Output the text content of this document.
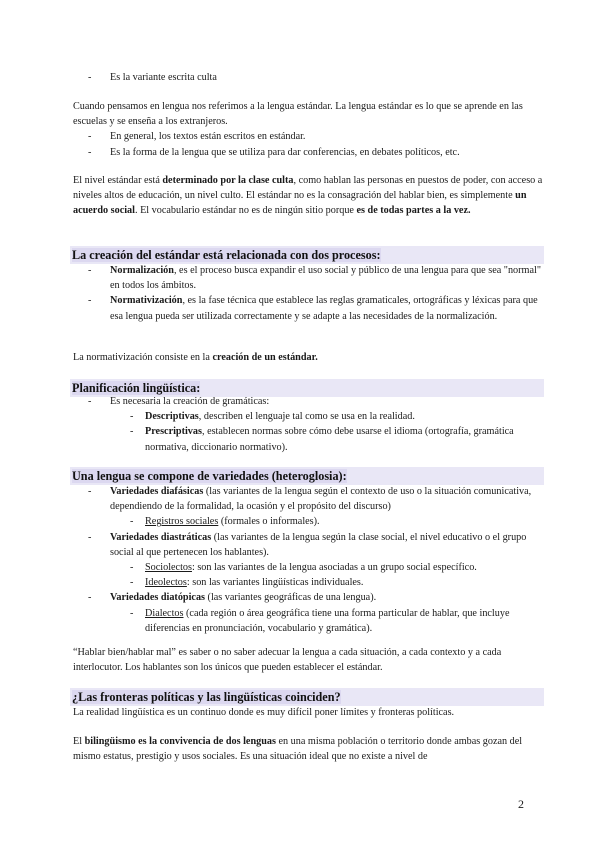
- Es la variante escrita culta

Cuando pensamos en lengua nos referimos a la lengua estándar. La lengua estándar es lo que se aprende en las escuelas y se enseña a los extranjeros.

- En general, los textos están escritos en estándar.
- Es la forma de la lengua que se utiliza para dar conferencias, en debates políticos, etc.

El nivel estándar está determinado por la clase culta, como hablan las personas en puestos de poder, con acceso a niveles altos de educación, un nivel culto. El estándar no es la consagración del hablar bien, es simplemente un acuerdo social. El vocabulario estándar no es de ningún sitio porque es de todas partes a la vez.

La creación del estándar está relacionada con dos procesos:
- Normalización, es el proceso busca expandir el uso social y público de una lengua para que sea "normal" en todos los ámbitos.
- Normativización, es la fase técnica que establece las reglas gramaticales, ortográficas y léxicas para que esa lengua pueda ser utilizada correctamente y se adapte a las necesidades de la normalización.

La normativización consiste en la creación de un estándar.

Planificación lingüística:
- Es necesaria la creación de gramáticas:
- Descriptivas, describen el lenguaje tal como se usa en la realidad.
- Prescriptivas, establecen normas sobre cómo debe usarse el idioma (ortografía, gramática normativa, diccionario normativo).
Una lengua se compone de variedades (heteroglosia):
- Variedades diafásicas (las variantes de la lengua según el contexto de uso o la situación comunicativa, dependiendo de la formalidad, la ocasión y el propósito del discurso)
- Registros sociales (formales o informales).
- Variedades diastráticas (las variantes de la lengua según la clase social, el nivel educativo o el grupo social al que pertenecen los hablantes).
- Sociolectos: son las variantes de la lengua asociadas a un grupo social específico.
- Ideolectos: son las variantes lingüísticas individuales.
- Variedades diatópicas (las variantes geográficas de una lengua).
- Dialectos (cada región o área geográfica tiene una forma particular de hablar, que incluye diferencias en pronunciación, vocabulario y gramática).

“Hablar bien/hablar mal” es saber o no saber adecuar la lengua a cada situación, a cada contexto y a cada interlocutor. Los hablantes son los únicos que pueden establecer el estándar.

¿Las fronteras políticas y las lingüísticas coinciden?

La realidad lingüística es un continuo donde es muy difícil poner límites y fronteras políticas.

El bilingüismo es la convivencia de dos lenguas en una misma población o territorio donde ambas gozan del mismo estatus, prestigio y usos sociales. Es una situación ideal que no existe a nivel de

2
